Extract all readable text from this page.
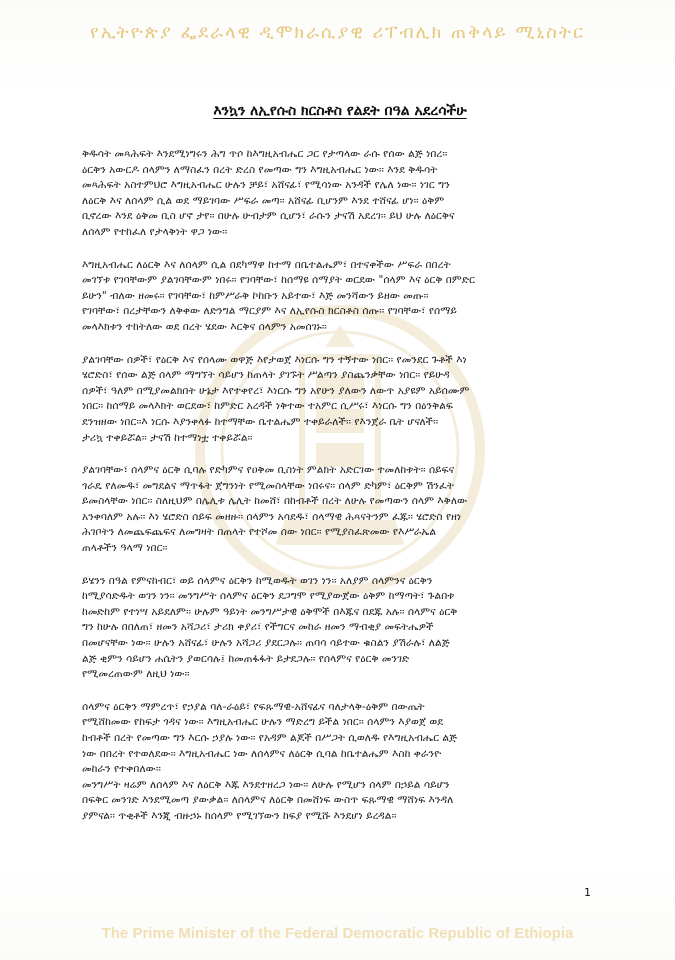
የኢትዮጵያ ፌደራላዊ ዲሞክራሲያዊ ሪፐብሊክ ጠቅላይ ሚኒስትር
እንኳን ለኢየሱስ ክርስቶስ የልደት በዓል አደረሳችሁ

ቅዱሳት መጻሕፍት እንደሚነግሩን ሕግ ጥሶ ከእግዚአብሔር ጋር የታጣላው ራሱ የሰው ልጅ ነበረ፡፡
ዕርቅን አውርዶ ሰላምን ለማስፈን በረት ድረስ የመጣው ግን እግዚአብሔር ነው፡፡ እንደ ቅዱሳት
መጻሕፍት አስተምህሮ እግዚአብሔር ሁሉን ቻይ፣ አሸናፊ፣ የሚሳነው አንዳች የሌለ ነው፡፡ ነገር ግን
ለዕርቅ እና ለሰላም ሲል ወደ ማይገባው ሥፍራ መጣ፡፡ አሸናፊ ቢሆንም እንደ ተሸናፊ ሆነ፡፡ ዕቅም
ቢኖረው እንደ ዕቅመ ቢስ ሆኖ ታየ፡፡ በሁሉ ሁብታም ሲሆን፣ ራሱን ታናሽ አደረገ፡፡ ይህ ሁሉ ለዕርቅና
ለሰላም የተከፈለ የታላቅነት ዋጋ ነው፡፡

እግዚአብሔር ለዕርቅ እና ለሰላም ሲል በደካማዋ ከተማ በቤተልሔም፣ በተናቀችው ሥፍራ በበረት
መገኘቱ የገባቸውም ያልገባቸውም ነበሩ፡፡ የገባቸው፣ ከሰማዩ ሰማያት ወርደው "ሰላም እና ዕርቅ በምድር
ይሁን" ብለው ዘመሩ፡፡ የገባቸው፣ ከምሥራቅ ኮከቡን አይተው፣ እጅ መንሻውን ይዘው መጡ፡፡
የገባቸው፣ በረታቸውን ለቅቀው ለድንግል ማርያም እና ለኢየሱስ ክርስቶስ ሰጡ፡፡ የገባቸው፣ የሰማይ
መላእክቱን ተከትለው ወደ በረት ሄደው እርቅና ሰላምን አመሰገኑ፡፡

ያልገባቸው ሰዎች፣ የዕርቅ እና የሰላሙ ወዋጅ እየታወጀ እነርሱ ግን ተኝተው ነበር፡፡ የመንደር ጉቶች እነ
ሄሮድስ፣ የሰው ልጅ ሰላም ማግኘት ሳይሆን ከጠላት ያገኙት ሥልጣን ያስጨንቃቸው ነበር፡፡ የይሁዳ
ሰዎች፣ ዓለም በሚያመልክበት ሁኔታ እየተቀየረ፣ እነርሱ ግን አየሁን ያለውን ለውጥ አያዩም አይሰሙም
ነበር፡፡ ከሰማይ መላእክት ወርደው፣ ከምድር አረዳች ነቅተው ተአምር ሲሥሩ፣ እነርሱ ግን በዕንቅልፍ
ደንዝዘው ነበር፡፡እ ነርሱ እያንቀላፉ ከተማቸው ቤተልሔም ተቀይራለች፡፡ የእንጀራ ቤት ሆናለች፡፡
ታሪኳ ተቀይሯል፡፡ ታናሽ ከተማነቷ ተቀይሯል፡፡

ያልገባቸው፣ ሰላምና ዕርቅ ሲባሉ የድካምና የዐቅመ ቢስነት ምልክት አድርገው ተመለከቱት፡፡ ሰይፍና
ጎራዴ የለመዱ፣ መግደልና ማጥፋት ጀግንነት የሚመስላቸው ነበሩና፡፡ ሰላም ድካም፣ ዕርቅም ሽንፈት
ይመስላቸው ነበር፡፡ ስለዚህም በሌሊቱ ሌሊት ከመሸ፣ በከብቶች በረት ለሁሉ የመጣውን ሰላም እቅለው
አንቀባለም አሉ፡፡ እነ ሄሮድስ ሰይፍ መዘዙ፡፡ ሰላምን አሳደዱ፣ ሰላማዊ ሕጻናትንም ፈጁ፡፡ ሄሮድስ የዘነ
ሕገቦትን ለመጨፍጨፍና ለመግዛት በጠላት የተሾመ ሰው ነበር፡፡ የሚያስፈጽመው የእሥራኤል
ጠላቶችን ዓላማ ነበር፡፡

ይሄንን በዓል የምናከብር፣ ወይ ሰላምና ዕርቅን ከሚወዱት ወገን ነን፡፡ አለያም ሰላምንና ዕርቅን
ከሚያሳድዱት ወገን ነን፡፡ መንግሥት ሰላምና ዕርቅን ደጋግሞ የሚያውጀው ዕቅም ከማጣት፣ ጉልበቱ
ከመድከም የተነሣ አይደለም፡፡ ሁሉም ዓይነት መንግሥታዊ ዕቅሞች በእጁና በደጁ አሉ፡፡ ሰላምና ዕርቅ
ግን ከሁሉ በበለጠ፣ ዘመን አሻጋሪ፣ ታሪክ ቀያሪ፣ የችግርና መከራ ዘመን ማብቂያ መፍትሔዎች
በመሆናቸው ነው፡፡ ሁሉን አሸናፊ፣ ሁሉን አሻጋሪ ያደርጋሉ፡፡ ጠባሳ ሳይተው ቁስልን ያሽራሉ፣ ለልጅ
ልጅ ቂምን ሳይሆን ሐሴትን ያወርሳሉ፤ ከመጠፋፋት ይታደጋሉ፡፡ የሰላምና የዕርቅ መንገድ
የሚመረጠውም ለዚህ ነው፡፡

ሰላምና ዕርቅን ማምረጥ፣ የኃያል ባለ-ራዕይ፣ የፍጹማዊ-አሸናፊና ባለታላቅ-ዕቅም በውጤት
የሚሸከመው የከፍታ ጎዳና ነው፡፡ እግዚአብሔር ሁሉን ማድረግ ይችል ነበር፡፡ ሰላምን እያወጀ ወደ
ከብቶች በረት የመጣው ግን እርሱ ኃያሉ ነው፡፡ የአዳም ልጆች በሥጋት ሲወለዱ የእግዚአብሔር ልጅ
ነው በበረት የተወለደው፡፡ እግዚአብሔር ነው ለሰላምና ለዕርቅ ሲባል ከቤተልሔም እስከ ቀራንዮ
መከራን የተቀበለው፡፡

መንግሥት ዛሬም ለሰላም እና ለዕርቅ እጁ እንደተዘረጋ ነው፡፡ ለሁሉ የሚሆን ሰላም በኃይል ሳይሆን
በፍቅር መንገድ እንደሚመጣ ያውቃል፡፡ ለሰላምና ለዕርቅ በመሸነፍ ውስጥ ፍጹማዊ ማሸነፍ እንዳለ
ያምናል፡፡ ጥቂቶች እንጂ ብዙኃኑ ከሰላም የሚገኘውን ከፍያ የሚሹ እንደሆነ ይረዳል፡፡

1
The Prime Minister of the Federal Democratic Republic of Ethiopia
